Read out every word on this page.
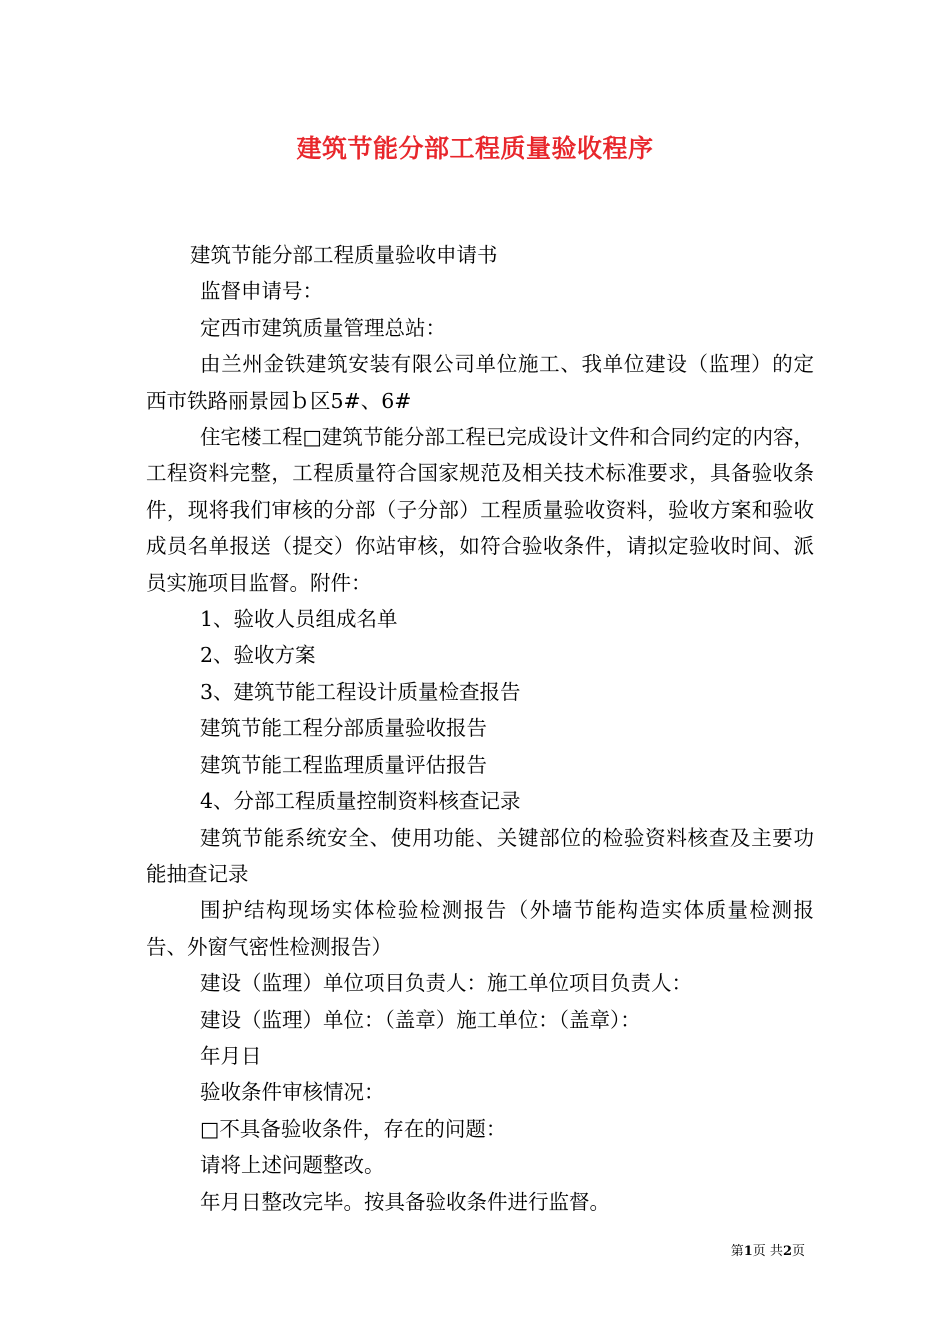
建筑节能分部工程质量验收程序

建筑节能分部工程质量验收申请书

监督申请号：

定西市建筑质量管理总站：

由兰州金铁建筑安装有限公司单位施工、我单位建设（监理）的定西市铁路丽景园ｂ区5#、6#

住宅楼工程□建筑节能分部工程已完成设计文件和合同约定的内容，工程资料完整，工程质量符合国家规范及相关技术标准要求，具备验收条件，现将我们审核的分部（子分部）工程质量验收资料，验收方案和验收成员名单报送（提交）你站审核，如符合验收条件，请拟定验收时间、派员实施项目监督。附件：

1、验收人员组成名单

2、验收方案

3、建筑节能工程设计质量检查报告

建筑节能工程分部质量验收报告

建筑节能工程监理质量评估报告

4、分部工程质量控制资料核查记录

建筑节能系统安全、使用功能、关键部位的检验资料核查及主要功能抽查记录

围护结构现场实体检验检测报告（外墙节能构造实体质量检测报告、外窗气密性检测报告）

建设（监理）单位项目负责人：施工单位项目负责人：

建设（监理）单位：（盖章）施工单位：（盖章）：

年月日

验收条件审核情况：

□不具备验收条件，存在的问题：

请将上述问题整改。

年月日整改完毕。按具备验收条件进行监督。

第1页 共2页
